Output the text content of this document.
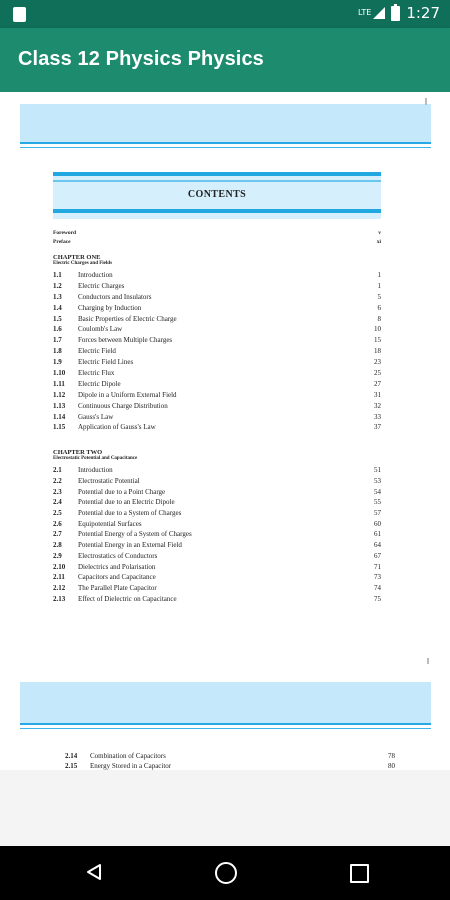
LTE 1:27
Class 12 Physics Physics
CONTENTS
Foreword	v
Preface	xi
CHAPTER ONE
Electric Charges and Fields
1.1	Introduction	1
1.2	Electric Charges	1
1.3	Conductors and Insulators	5
1.4	Charging by Induction	6
1.5	Basic Properties of Electric Charge	8
1.6	Coulomb's Law	10
1.7	Forces between Multiple Charges	15
1.8	Electric Field	18
1.9	Electric Field Lines	23
1.10	Electric Flux	25
1.11	Electric Dipole	27
1.12	Dipole in a Uniform External Field	31
1.13	Continuous Charge Distribution	32
1.14	Gauss's Law	33
1.15	Application of Gauss's Law	37
CHAPTER TWO
Electrostatic Potential and Capacitance
2.1	Introduction	51
2.2	Electrostatic Potential	53
2.3	Potential due to a Point Charge	54
2.4	Potential due to an Electric Dipole	55
2.5	Potential due to a System of Charges	57
2.6	Equipotential Surfaces	60
2.7	Potential Energy of a System of Charges	61
2.8	Potential Energy in an External Field	64
2.9	Electrostatics of Conductors	67
2.10	Dielectrics and Polarisation	71
2.11	Capacitors and Capacitance	73
2.12	The Parallel Plate Capacitor	74
2.13	Effect of Dielectric on Capacitance	75
2.14	Combination of Capacitors	78
2.15	Energy Stored in a Capacitor	80
